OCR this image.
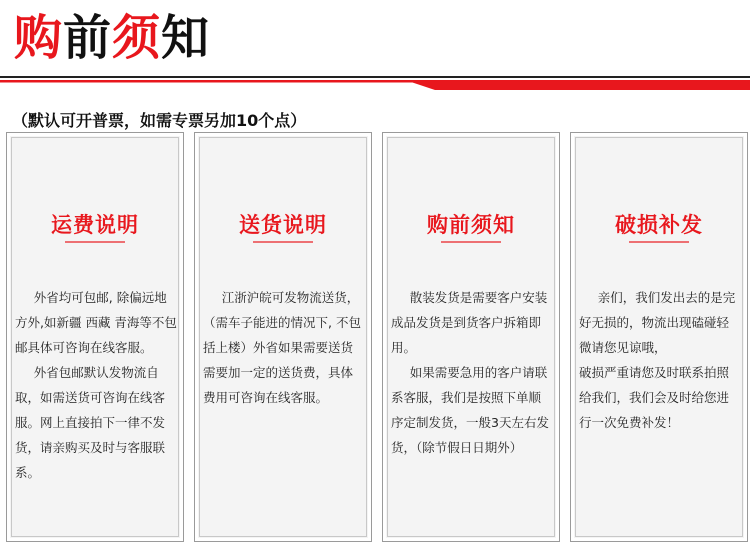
购前须知
（默认可开普票，如需专票另加10个点）
运费说明

外省均可包邮, 除偏远地方外,如新疆 西藏 青海等不包邮具体可咨询在线客服。

外省包邮默认发物流自取，如需送货可咨询在线客服。网上直接拍下一律不发货，请亲购买及时与客服联系。

送货说明

江浙沪皖可发物流送货，（需车子能进的情况下, 不包括上楼）外省如果需要送货需要加一定的送货费，具体费用可咨询在线客服。

购前须知

散装发货是需要客户安装成品发货是到货客户拆箱即用。

如果需要急用的客户请联系客服，我们是按照下单顺序定制发货，一般3天左右发货，（除节假日日期外）

破损补发

亲们，我们发出去的是完好无损的，物流出现磕碰轻微请您见谅哦，

破损严重请您及时联系拍照给我们，我们会及时给您进行一次免费补发！
